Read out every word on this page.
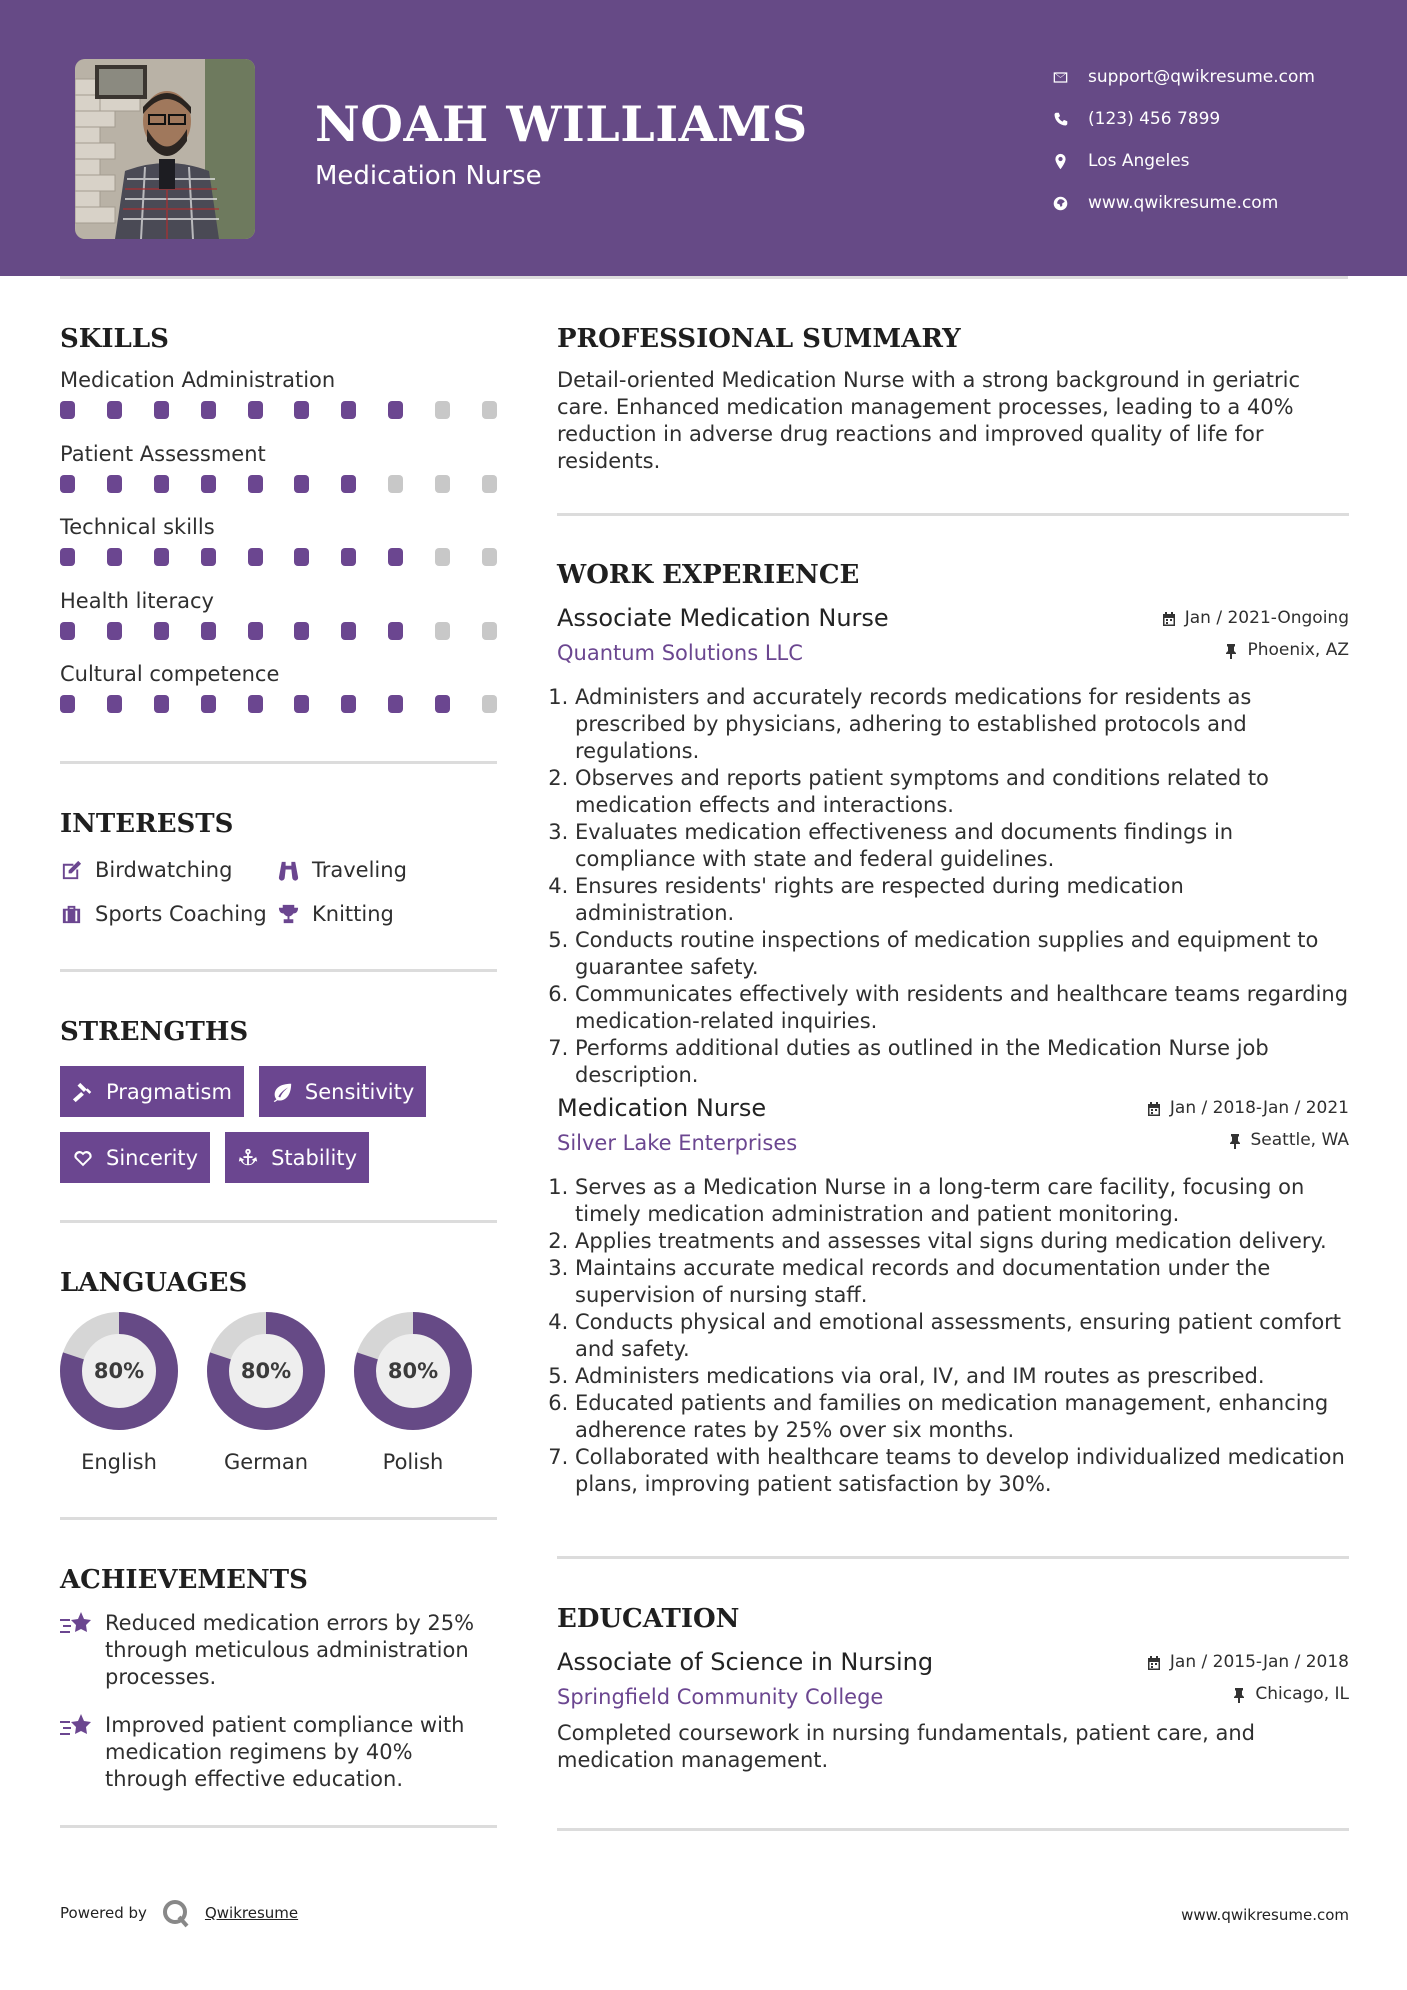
NOAH WILLIAMS
Medication Nurse
support@qwikresume.com
(123) 456 7899
Los Angeles
www.qwikresume.com
SKILLS
Medication Administration
Patient Assessment
Technical skills
Health literacy
Cultural competence
INTERESTS
Birdwatching	Traveling
Sports Coaching Knitting
STRENGTHS
Pragmatism	Sensitivity
Sincerity	Stability
LANGUAGES
80%
English
80%
German
80%
Polish
ACHIEVEMENTS
Reduced medication errors by 25% through meticulous administration processes.
Improved patient compliance with medication regimens by 40% through effective education.
PROFESSIONAL SUMMARY
Detail-oriented Medication Nurse with a strong background in geriatric care. Enhanced medication management processes, leading to a 40% reduction in adverse drug reactions and improved quality of life for residents.
WORK EXPERIENCE
Associate Medication Nurse
Quantum Solutions LLC
Jan / 2021-Ongoing
Phoenix, AZ
1. Administers and accurately records medications for residents as prescribed by physicians, adhering to established protocols and regulations.
2. Observes and reports patient symptoms and conditions related to medication effects and interactions.
3. Evaluates medication effectiveness and documents findings in compliance with state and federal guidelines.
4. Ensures residents' rights are respected during medication administration.
5. Conducts routine inspections of medication supplies and equipment to guarantee safety.
6. Communicates effectively with residents and healthcare teams regarding medication-related inquiries.
7. Performs additional duties as outlined in the Medication Nurse job description.
Medication Nurse
Silver Lake Enterprises
Jan / 2018-Jan / 2021
Seattle, WA
1. Serves as a Medication Nurse in a long-term care facility, focusing on timely medication administration and patient monitoring.
2. Applies treatments and assesses vital signs during medication delivery.
3. Maintains accurate medical records and documentation under the supervision of nursing staff.
4. Conducts physical and emotional assessments, ensuring patient comfort and safety.
5. Administers medications via oral, IV, and IM routes as prescribed.
6. Educated patients and families on medication management, enhancing adherence rates by 25% over six months.
7. Collaborated with healthcare teams to develop individualized medication plans, improving patient satisfaction by 30%.
EDUCATION
Associate of Science in Nursing
Springfield Community College
Jan / 2015-Jan / 2018
Chicago, IL
Completed coursework in nursing fundamentals, patient care, and medication management.
Powered by	Qwikresume	www.qwikresume.com
